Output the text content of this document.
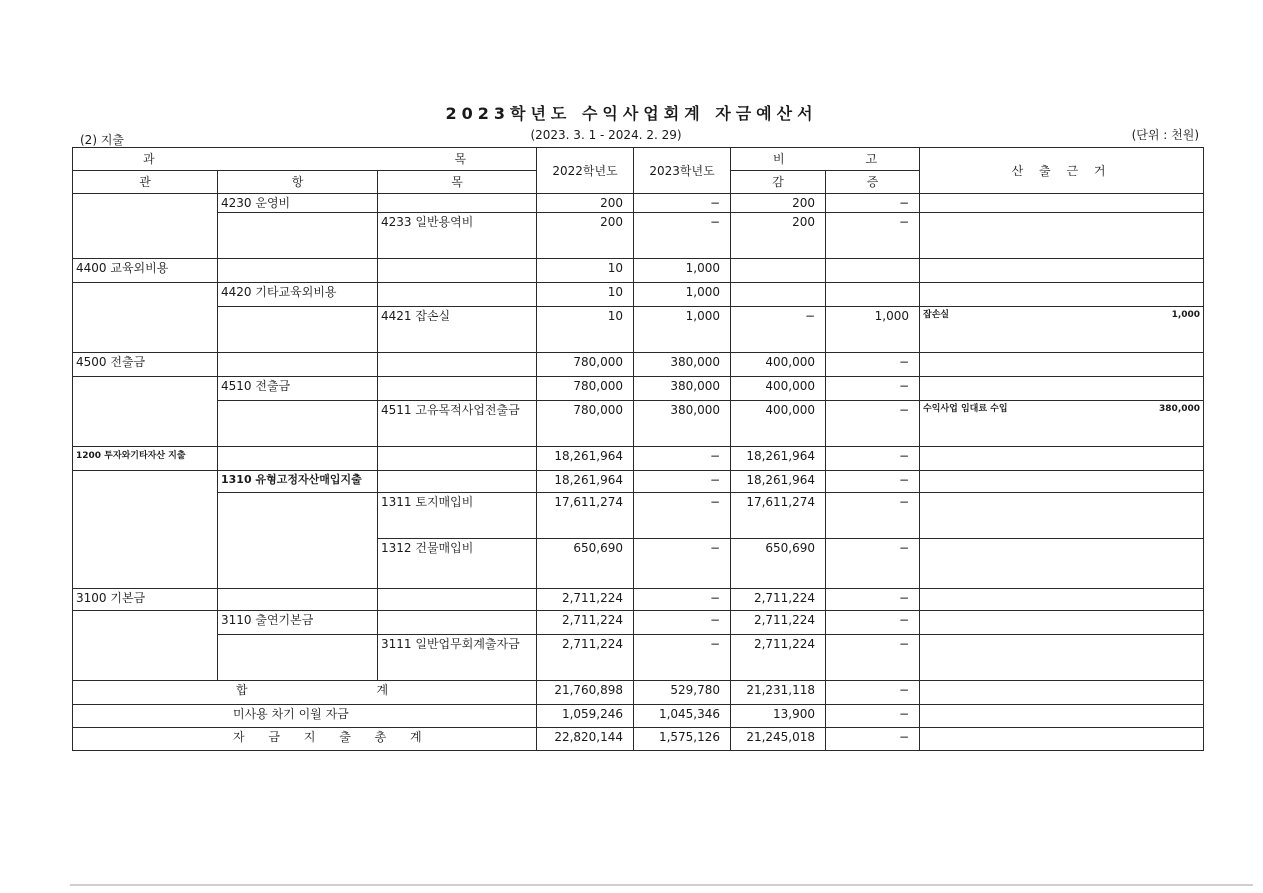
2023학년도 수익사업회계 자금예산서
(2023. 3. 1 - 2024. 2. 29)
(2) 지출	(단위 : 천원)
과 목			2022학년도	2023학년도	비 고		산 출 근 거
관	항	목			감	증	
	4230 운영비		200	−	200	−	
		4233 일반용역비	200	−	200	−	
4400 교육외비용			10	1,000			
	4420 기타교육외비용		10	1,000			
		4421 잡손실	10	1,000	−	1,000	잡손실 1,000

4500 전출금			780,000	380,000	400,000	−	
	4510 전출금		780,000	380,000	400,000	−	
		4511 고유목적사업전출금	780,000	380,000	400,000	−	수익사업 임대료 수입 380,000

1200 투자와기타자산 지출			18,261,964	−	18,261,964	−	
	1310 유형고정자산매입지출		18,261,964	−	18,261,964	−	
		1311 토지매입비	17,611,274	−	17,611,274	−	
		1312 건물매입비	650,690	−	650,690	−	
3100 기본금			2,711,224	−	2,711,224	−	
	3110 출연기본금		2,711,224	−	2,711,224	−	
		3111 일반업무회계출자금	2,711,224	−	2,711,224	−	

합 계			21,760,898	529,780	21,231,118	−	
미사용 차기 이월 자금			1,059,246	1,045,346	13,900	−	
자 금 지 출 총 계			22,820,144	1,575,126	21,245,018	−	
